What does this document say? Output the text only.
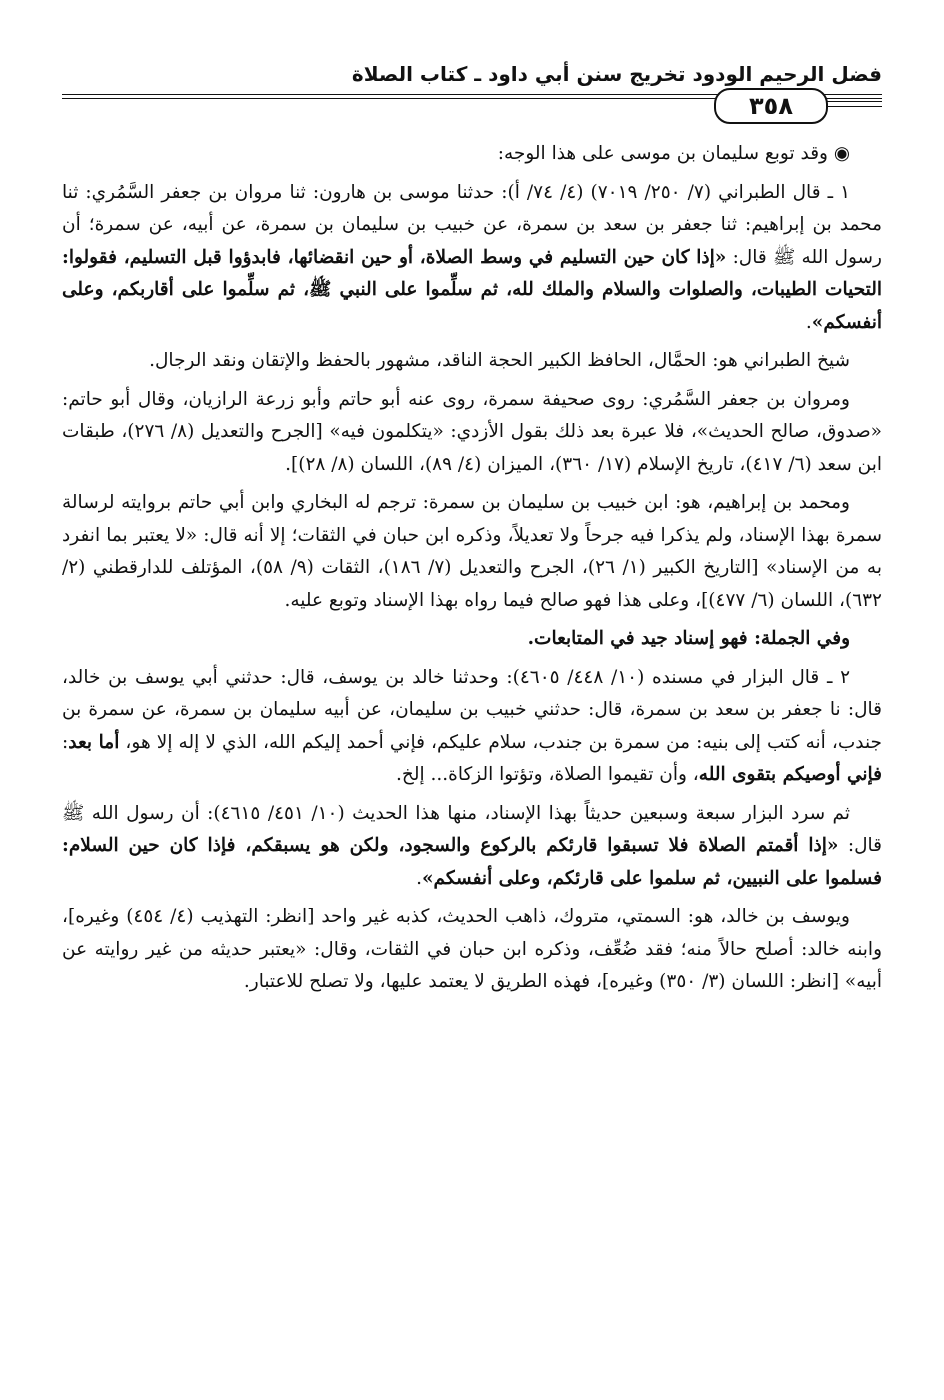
فضل الرحيم الودود تخريج سنن أبي داود ـ كتاب الصلاة
٣٥٨

◉ وقد توبع سليمان بن موسى على هذا الوجه:

١ ـ قال الطبراني (٧/ ٢٥٠/ ٧٠١٩) (٤/ ٧٤/ أ): حدثنا موسى بن هارون: ثنا مروان بن جعفر السَّمُري: ثنا محمد بن إبراهيم: ثنا جعفر بن سعد بن سمرة، عن خبيب بن سليمان بن سمرة، عن أبيه، عن سمرة؛ أن رسول الله ﷺ قال: «إذا كان حين التسليم في وسط الصلاة، أو حين انقضائها، فابدؤوا قبل التسليم، فقولوا: التحيات الطيبات، والصلوات والسلام والملك لله، ثم سلِّموا على النبي ﷺ، ثم سلِّموا على أقاربكم، وعلى أنفسكم».

شيخ الطبراني هو: الحمَّال، الحافظ الكبير الحجة الناقد، مشهور بالحفظ والإتقان ونقد الرجال.

ومروان بن جعفر السَّمُري: روى صحيفة سمرة، روى عنه أبو حاتم وأبو زرعة الرازيان، وقال أبو حاتم: «صدوق، صالح الحديث»، فلا عبرة بعد ذلك بقول الأزدي: «يتكلمون فيه» [الجرح والتعديل (٨/ ٢٧٦)، طبقات ابن سعد (٦/ ٤١٧)، تاريخ الإسلام (١٧/ ٣٦٠)، الميزان (٤/ ٨٩)، اللسان (٨/ ٢٨)].

ومحمد بن إبراهيم، هو: ابن خبيب بن سليمان بن سمرة: ترجم له البخاري وابن أبي حاتم بروايته لرسالة سمرة بهذا الإسناد، ولم يذكرا فيه جرحاً ولا تعديلاً، وذكره ابن حبان في الثقات؛ إلا أنه قال: «لا يعتبر بما انفرد به من الإسناد» [التاريخ الكبير (١/ ٢٦)، الجرح والتعديل (٧/ ١٨٦)، الثقات (٩/ ٥٨)، المؤتلف للدارقطني (٢/ ٦٣٢)، اللسان (٦/ ٤٧٧)]، وعلى هذا فهو صالح فيما رواه بهذا الإسناد وتوبع عليه.

وفي الجملة: فهو إسناد جيد في المتابعات.

٢ ـ قال البزار في مسنده (١٠/ ٤٤٨/ ٤٦٠٥): وحدثنا خالد بن يوسف، قال: حدثني أبي يوسف بن خالد، قال: نا جعفر بن سعد بن سمرة، قال: حدثني خبيب بن سليمان، عن أبيه سليمان بن سمرة، عن سمرة بن جندب، أنه كتب إلى بنيه: من سمرة بن جندب، سلام عليكم، فإني أحمد إليكم الله، الذي لا إله إلا هو، أما بعد: فإني أوصيكم بتقوى الله، وأن تقيموا الصلاة، وتؤتوا الزكاة... إلخ.

ثم سرد البزار سبعة وسبعين حديثاً بهذا الإسناد، منها هذا الحديث (١٠/ ٤٥١/ ٤٦١٥): أن رسول الله ﷺ قال: «إذا أقمتم الصلاة فلا تسبقوا قارئكم بالركوع والسجود، ولكن هو يسبقكم، فإذا كان حين السلام: فسلموا على النبيين، ثم سلموا على قارئكم، وعلى أنفسكم».

ويوسف بن خالد، هو: السمتي، متروك، ذاهب الحديث، كذبه غير واحد [انظر: التهذيب (٤/ ٤٥٤) وغيره]، وابنه خالد: أصلح حالاً منه؛ فقد ضُعِّف، وذكره ابن حبان في الثقات، وقال: «يعتبر حديثه من غير روايته عن أبيه» [انظر: اللسان (٣/ ٣٥٠) وغيره]، فهذه الطريق لا يعتمد عليها، ولا تصلح للاعتبار.
